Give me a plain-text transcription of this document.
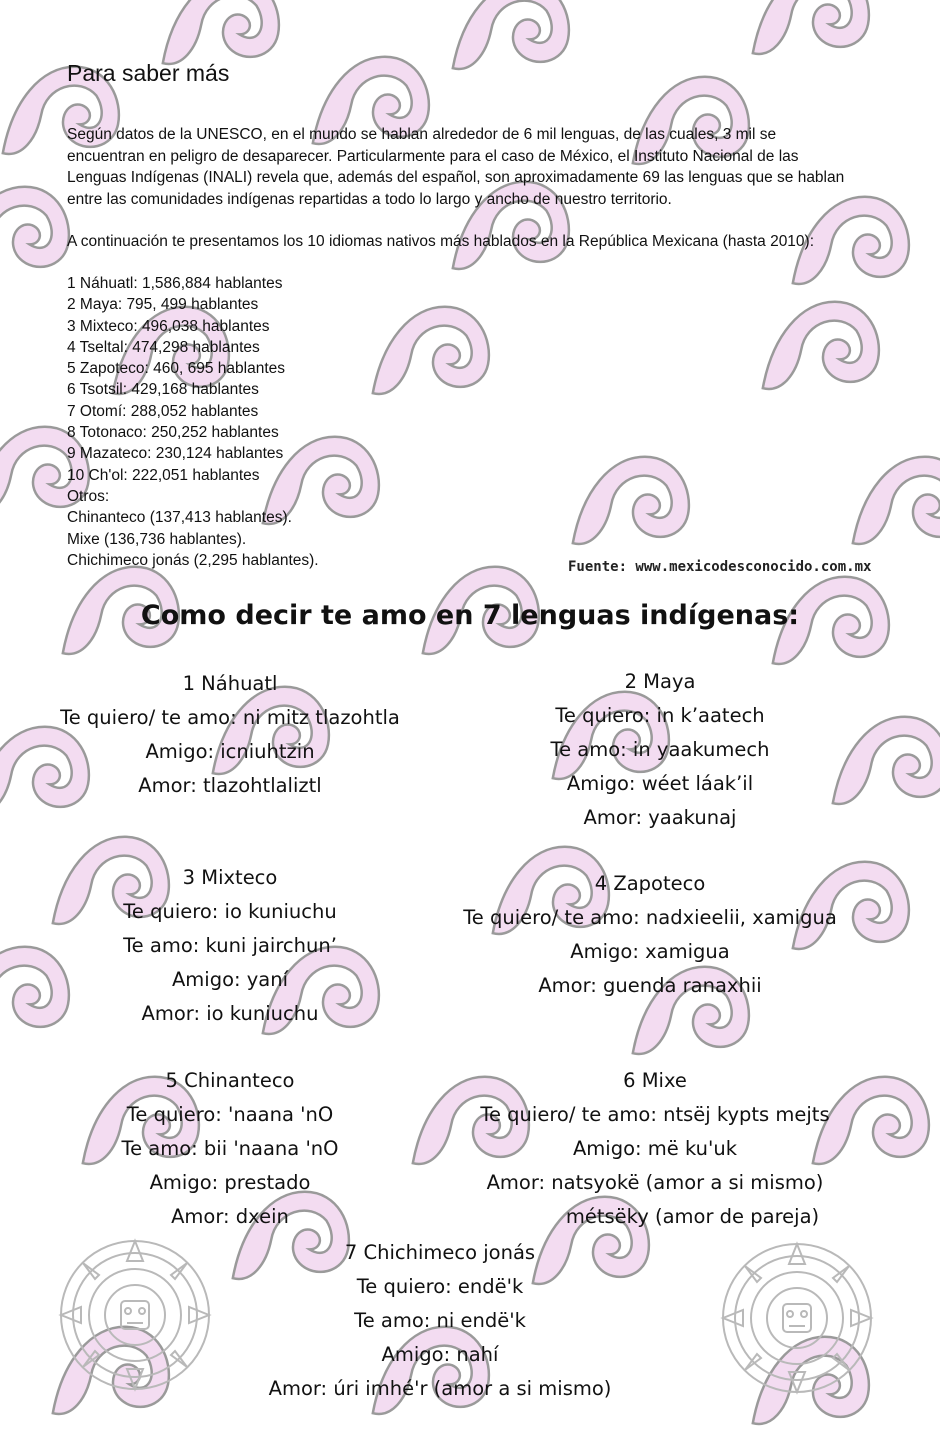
Para saber más

Según datos de la UNESCO, en el mundo se hablan alrededor de 6 mil lenguas, de las cuales, 3 mil se encuentran en peligro de desaparecer. Particularmente para el caso de México, el Instituto Nacional de las Lenguas Indígenas (INALI) revela que, además del español, son aproximadamente 69 las lenguas que se hablan entre las comunidades indígenas repartidas a todo lo largo y ancho de nuestro territorio.

A continuación te presentamos los 10 idiomas nativos más hablados en la República Mexicana (hasta 2010):

1 Náhuatl: 1,586,884 hablantes
2 Maya: 795, 499 hablantes
3 Mixteco: 496,038 hablantes
4 Tseltal: 474,298 hablantes
5 Zapoteco: 460, 695 hablantes
6 Tsotsil: 429,168 hablantes
7 Otomí: 288,052 hablantes
8 Totonaco: 250,252 hablantes
9 Mazateco: 230,124 hablantes
10 Ch'ol: 222,051 hablantes
Otros:
Chinanteco (137,413 hablantes).
Mixe (136,736 hablantes).
Chichimeco jonás (2,295 hablantes).	Fuente: www.mexicodesconocido.com.mx
Como decir te amo en 7 lenguas indígenas:
1 Náhuatl
Te quiero/ te amo: ni mitz tlazohtla
Amigo: icniuhtzin
Amor: tlazohtlaliztl
2 Maya
Te quiero: in k’aatech
Te amo: in yaakumech
Amigo: wéet láak’il
Amor: yaakunaj
3 Mixteco
Te quiero: io kuniuchu
Te amo: kuni jairchun’
Amigo: yaní
Amor: io kuniuchu
4 Zapoteco
Te quiero/ te amo: nadxieelii, xamigua
Amigo: xamigua
Amor: guenda ranaxhii
5 Chinanteco
Te quiero: 'naana 'nO
Te amo: bii 'naana 'nO
Amigo: prestado
Amor: dxein
6 Mixe
Te quiero/ te amo: ntsëj kypts mejts
Amigo: më ku'uk
Amor: natsyokë (amor a si mismo)
métsëky (amor de pareja)
7 Chichimeco jonás
Te quiero: endë'k
Te amo: ni endë'k
Amigo: nahí
Amor: úri imhé'r (amor a si mismo)
